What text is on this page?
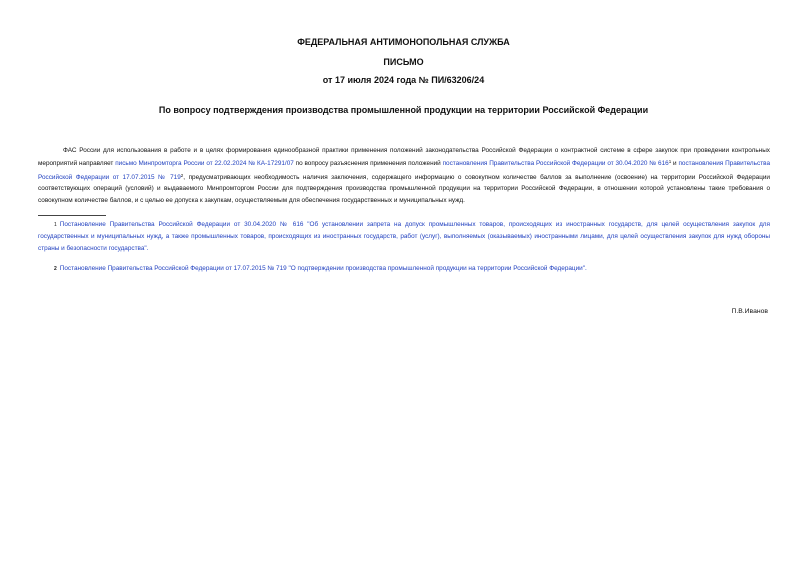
ФЕДЕРАЛЬНАЯ АНТИМОНОПОЛЬНАЯ СЛУЖБА
ПИСЬМО
от 17 июля 2024 года № ПИ/63206/24
По вопросу подтверждения производства промышленной продукции на территории Российской Федерации
ФАС России для использования в работе и в целях формирования единообразной практики применения положений законодательства Российской Федерации о контрактной системе в сфере закупок при проведении контрольных мероприятий направляет письмо Минпромторга России от 22.02.2024 № КА-17291/07 по вопросу разъяснения применения положений постановления Правительства Российской Федерации от 30.04.2020 № $616^1$ и постановления Правительства Российской Федерации от 17.07.2015 № $719^2$, предусматривающих необходимость наличия заключения, содержащего информацию о совокупном количестве баллов за выполнение (освоение) на территории Российской Федерации соответствующих операций (условий) и выдаваемого Минпромторгом России для подтверждения производства промышленной продукции на территории Российской Федерации, в отношении которой установлены такие требования о совокупном количестве баллов, и с целью ее допуска к закупкам, осуществляемым для обеспечения государственных и муниципальных нужд.
1 Постановление Правительства Российской Федерации от 30.04.2020 № 616 "Об установлении запрета на допуск промышленных товаров, происходящих из иностранных государств, для целей осуществления закупок для государственных и муниципальных нужд, а также промышленных товаров, происходящих из иностранных государств, работ (услуг), выполняемых (оказываемых) иностранными лицами, для целей осуществления закупок для нужд обороны страны и безопасности государства".
2 Постановление Правительства Российской Федерации от 17.07.2015 № 719 "О подтверждении производства промышленной продукции на территории Российской Федерации".
П.В.Иванов
